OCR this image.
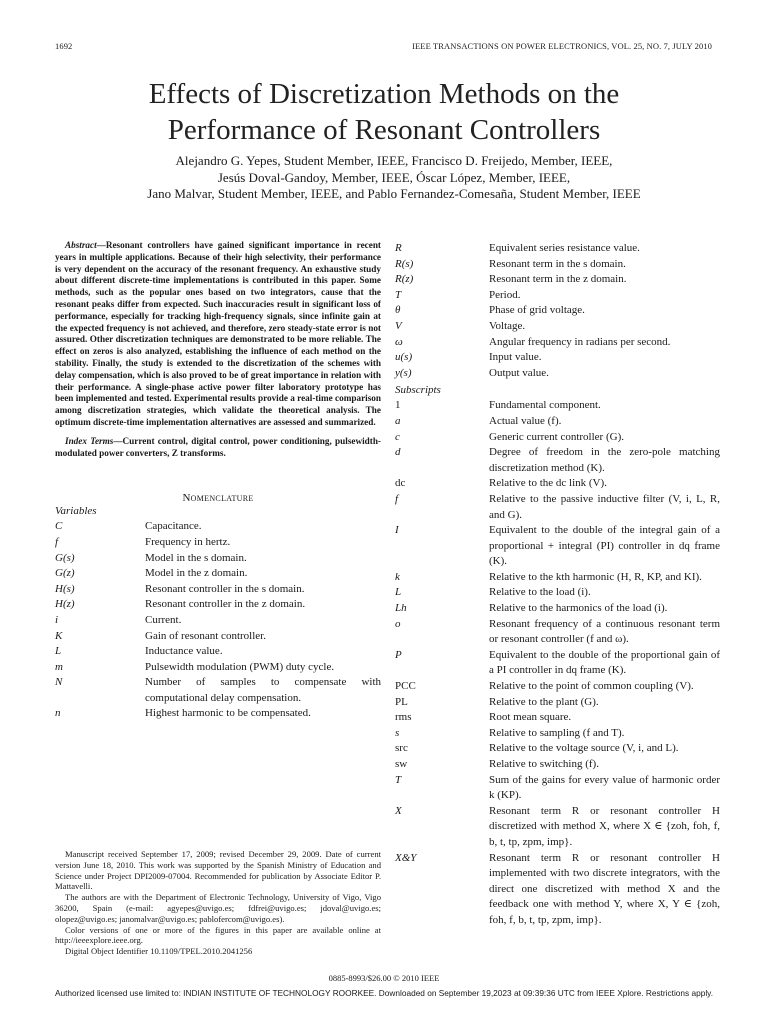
1692	IEEE TRANSACTIONS ON POWER ELECTRONICS, VOL. 25, NO. 7, JULY 2010
Effects of Discretization Methods on the
Performance of Resonant Controllers
Alejandro G. Yepes, Student Member, IEEE, Francisco D. Freijedo, Member, IEEE,
Jesús Doval-Gandoy, Member, IEEE, Óscar López, Member, IEEE,
Jano Malvar, Student Member, IEEE, and Pablo Fernandez-Comesaña, Student Member, IEEE

Abstract—Resonant controllers have gained significant importance in recent years in multiple applications. Because of their high selectivity, their performance is very dependent on the accuracy of the resonant frequency. An exhaustive study about different discrete-time implementations is contributed in this paper. Some methods, such as the popular ones based on two integrators, cause that the resonant peaks differ from expected. Such inaccuracies result in significant loss of performance, especially for tracking high-frequency signals, since infinite gain at the expected frequency is not achieved, and therefore, zero steady-state error is not assured. Other discretization techniques are demonstrated to be more reliable. The effect on zeros is also analyzed, establishing the influence of each method on the stability. Finally, the study is extended to the discretization of the schemes with delay compensation, which is also proved to be of great importance in relation with their performance. A single-phase active power filter laboratory prototype has been implemented and tested. Experimental results provide a real-time comparison among discretization strategies, which validate the theoretical analysis. The optimum discrete-time implementation alternatives are assessed and summarized.

Index Terms—Current control, digital control, power conditioning, pulsewidth-modulated power converters, Z transforms.

Nomenclature
Variables
C	Capacitance.
f	Frequency in hertz.
G(s)	Model in the s domain.
G(z)	Model in the z domain.
H(s)	Resonant controller in the s domain.
H(z)	Resonant controller in the z domain.
i	Current.
K	Gain of resonant controller.
L	Inductance value.
m	Pulsewidth modulation (PWM) duty cycle.
N	Number of samples to compensate with computational delay compensation.
n	Highest harmonic to be compensated.

Manuscript received September 17, 2009; revised December 29, 2009. Date of current version June 18, 2010. This work was supported by the Spanish Ministry of Education and Science under Project DPI2009-07004. Recommended for publication by Associate Editor P. Mattavelli.

The authors are with the Department of Electronic Technology, University of Vigo, Vigo 36200, Spain (e-mail: agyepes@uvigo.es; fdfrei@uvigo.es; jdoval@uvigo.es; olopez@uvigo.es; janomalvar@uvigo.es; pablofercom@uvigo.es).

Color versions of one or more of the figures in this paper are available online at http://ieeexplore.ieee.org.

Digital Object Identifier 10.1109/TPEL.2010.2041256

R	Equivalent series resistance value.
R(s)	Resonant term in the s domain.
R(z)	Resonant term in the z domain.
T	Period.
θ	Phase of grid voltage.
V	Voltage.
ω	Angular frequency in radians per second.
u(s)	Input value.
y(s)	Output value.
Subscripts
1	Fundamental component.
a	Actual value (f).
c	Generic current controller (G).
d	Degree of freedom in the zero-pole matching discretization method (K).
dc	Relative to the dc link (V).
f	Relative to the passive inductive filter (V, i, L, R, and G).
I	Equivalent to the double of the integral gain of a proportional + integral (PI) controller in dq frame (K).
k	Relative to the kth harmonic (H, R, KP, and KI).
L	Relative to the load (i).
Lh	Relative to the harmonics of the load (i).
o	Resonant frequency of a continuous resonant term or resonant controller (f and ω).
P	Equivalent to the double of the proportional gain of a PI controller in dq frame (K).
PCC	Relative to the point of common coupling (V).
PL	Relative to the plant (G).
rms	Root mean square.
s	Relative to sampling (f and T).
src	Relative to the voltage source (V, i, and L).
sw	Relative to switching (f).
T	Sum of the gains for every value of harmonic order k (KP).
X	Resonant term R or resonant controller H discretized with method X, where X ∈ {zoh, foh, f, b, t, tp, zpm, imp}.
X&Y	Resonant term R or resonant controller H implemented with two discrete integrators, with the direct one discretized with method X and the feedback one with method Y, where X, Y ∈ {zoh, foh, f, b, t, tp, zpm, imp}.
0885-8993/$26.00 © 2010 IEEE
Authorized licensed use limited to: INDIAN INSTITUTE OF TECHNOLOGY ROORKEE. Downloaded on September 19,2023 at 09:39:36 UTC from IEEE Xplore. Restrictions apply.
